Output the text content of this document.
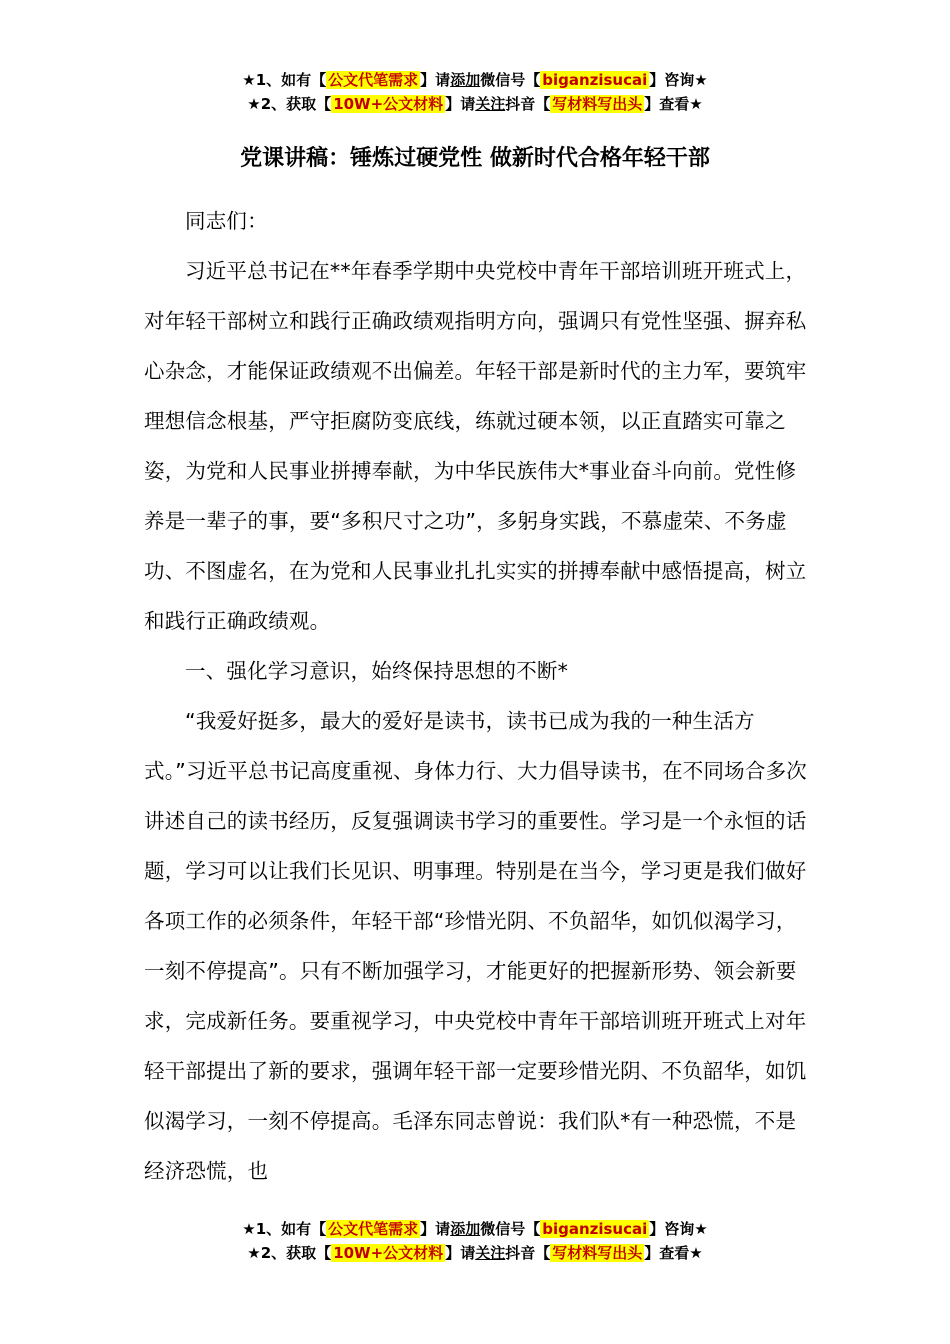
★1、如有【 公文代笔需求 】请添加微信号【 biganzisucai 】咨询★
★2、获取【 10W+公文材料 】请关注抖音【 写材料写出头 】查看★
党课讲稿：锤炼过硬党性 做新时代合格年轻干部

同志们：

习近平总书记在**年春季学期中央党校中青年干部培训班开班式上，对年轻干部树立和践行正确政绩观指明方向，强调只有党性坚强、摒弃私心杂念，才能保证政绩观不出偏差。年轻干部是新时代的主力军，要筑牢理想信念根基，严守拒腐防变底线，练就过硬本领，以正直踏实可靠之姿，为党和人民事业拼搏奉献，为中华民族伟大*事业奋斗向前。党性修养是一辈子的事，要“多积尺寸之功”，多躬身实践，不慕虚荣、不务虚功、不图虚名，在为党和人民事业扎扎实实的拼搏奉献中感悟提高，树立和践行正确政绩观。

一、强化学习意识，始终保持思想的不断*

“我爱好挺多，最大的爱好是读书，读书已成为我的一种生活方式。”习近平总书记高度重视、身体力行、大力倡导读书，在不同场合多次讲述自己的读书经历，反复强调读书学习的重要性。学习是一个永恒的话题，学习可以让我们长见识、明事理。特别是在当今，学习更是我们做好各项工作的必须条件，年轻干部“珍惜光阴、不负韶华，如饥似渴学习，一刻不停提高”。只有不断加强学习，才能更好的把握新形势、领会新要求，完成新任务。要重视学习，中央党校中青年干部培训班开班式上对年轻干部提出了新的要求，强调年轻干部一定要珍惜光阴、不负韶华，如饥似渴学习，一刻不停提高。毛泽东同志曾说：我们队*有一种恐慌，不是经济恐慌，也

★1、如有【 公文代笔需求 】请添加微信号【 biganzisucai 】咨询★
★2、获取【 10W+公文材料 】请关注抖音【 写材料写出头 】查看★
